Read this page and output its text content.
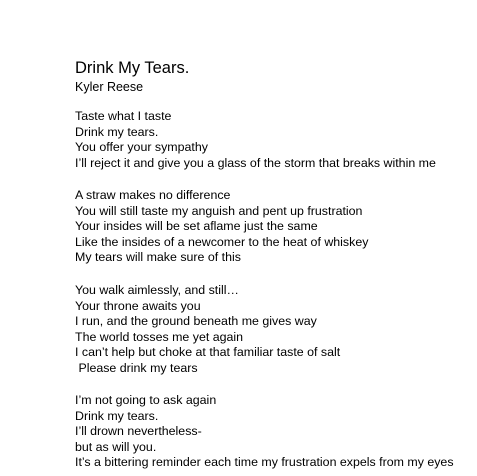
Drink My Tears.
Kyler Reese
Taste what I taste
Drink my tears.
You offer your sympathy
I’ll reject it and give you a glass of the storm that breaks within me
A straw makes no difference
You will still taste my anguish and pent up frustration
Your insides will be set aflame just the same
Like the insides of a newcomer to the heat of whiskey
My tears will make sure of this
You walk aimlessly, and still…
Your throne awaits you
I run, and the ground beneath me gives way
The world tosses me yet again
I can’t help but choke at that familiar taste of salt
Please drink my tears
I’m not going to ask again
Drink my tears.
I’ll drown nevertheless-
but as will you.
It’s a bittering reminder each time my frustration expels from my eyes
